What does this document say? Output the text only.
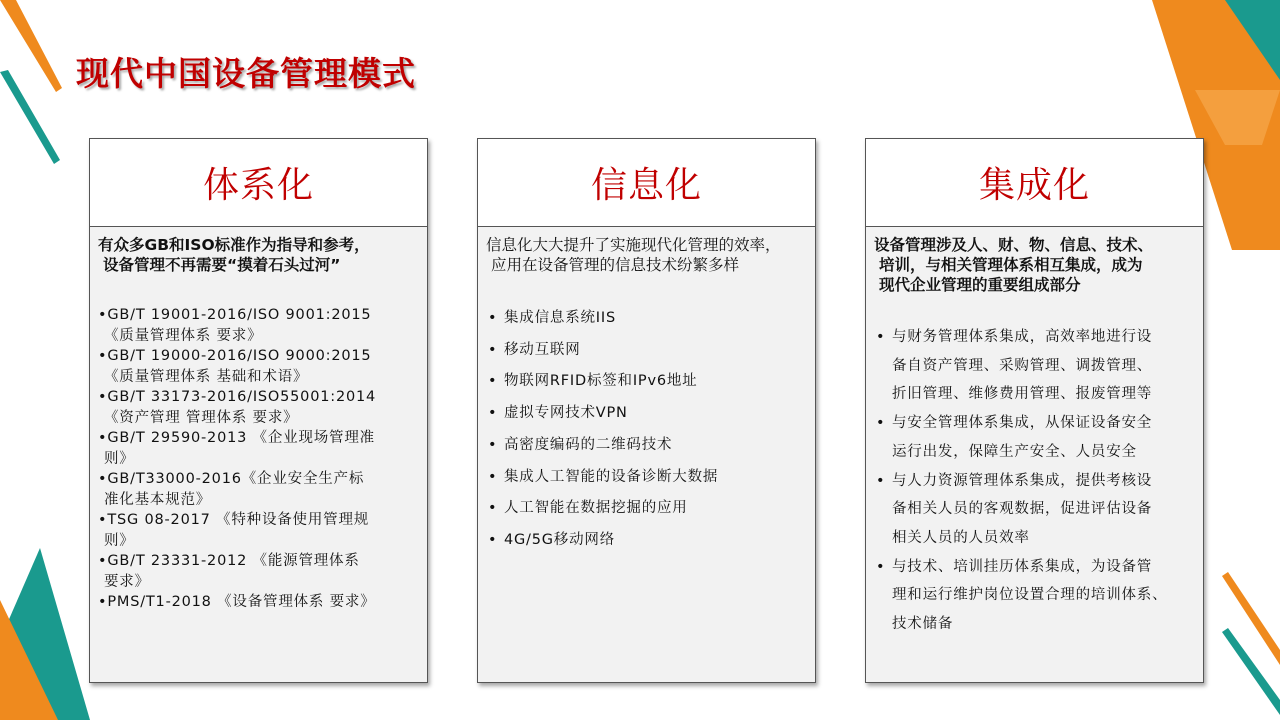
现代中国设备管理模式
体系化
有众多GB和ISO标准作为指导和参考，
设备管理不再需要“摸着石头过河”
•GB/T 19001-2016/ISO 9001:2015
《质量管理体系 要求》
•GB/T 19000-2016/ISO 9000:2015
《质量管理体系 基础和术语》
•GB/T 33173-2016/ISO55001:2014
《资产管理 管理体系 要求》
•GB/T 29590-2013 《企业现场管理准
则》
•GB/T33000-2016《企业安全生产标
准化基本规范》
•TSG 08-2017 《特种设备使用管理规
则》
•GB/T 23331-2012 《能源管理体系
要求》
•PMS/T1-2018 《设备管理体系 要求》
信息化
信息化大大提升了实施现代化管理的效率，
应用在设备管理的信息技术纷繁多样
• 集成信息系统IIS
• 移动互联网
• 物联网RFID标签和IPv6地址
• 虚拟专网技术VPN
• 高密度编码的二维码技术
• 集成人工智能的设备诊断大数据
• 人工智能在数据挖掘的应用
• 4G/5G移动网络
集成化
设备管理涉及人、财、物、信息、技术、
培训，与相关管理体系相互集成，成为
现代企业管理的重要组成部分
• 与财务管理体系集成，高效率地进行设
备自资产管理、采购管理、调拨管理、
折旧管理、维修费用管理、报废管理等
• 与安全管理体系集成，从保证设备安全
运行出发，保障生产安全、人员安全
• 与人力资源管理体系集成，提供考核设
备相关人员的客观数据，促进评估设备
相关人员的人员效率
• 与技术、培训挂历体系集成，为设备管
理和运行维护岗位设置合理的培训体系、
技术储备
